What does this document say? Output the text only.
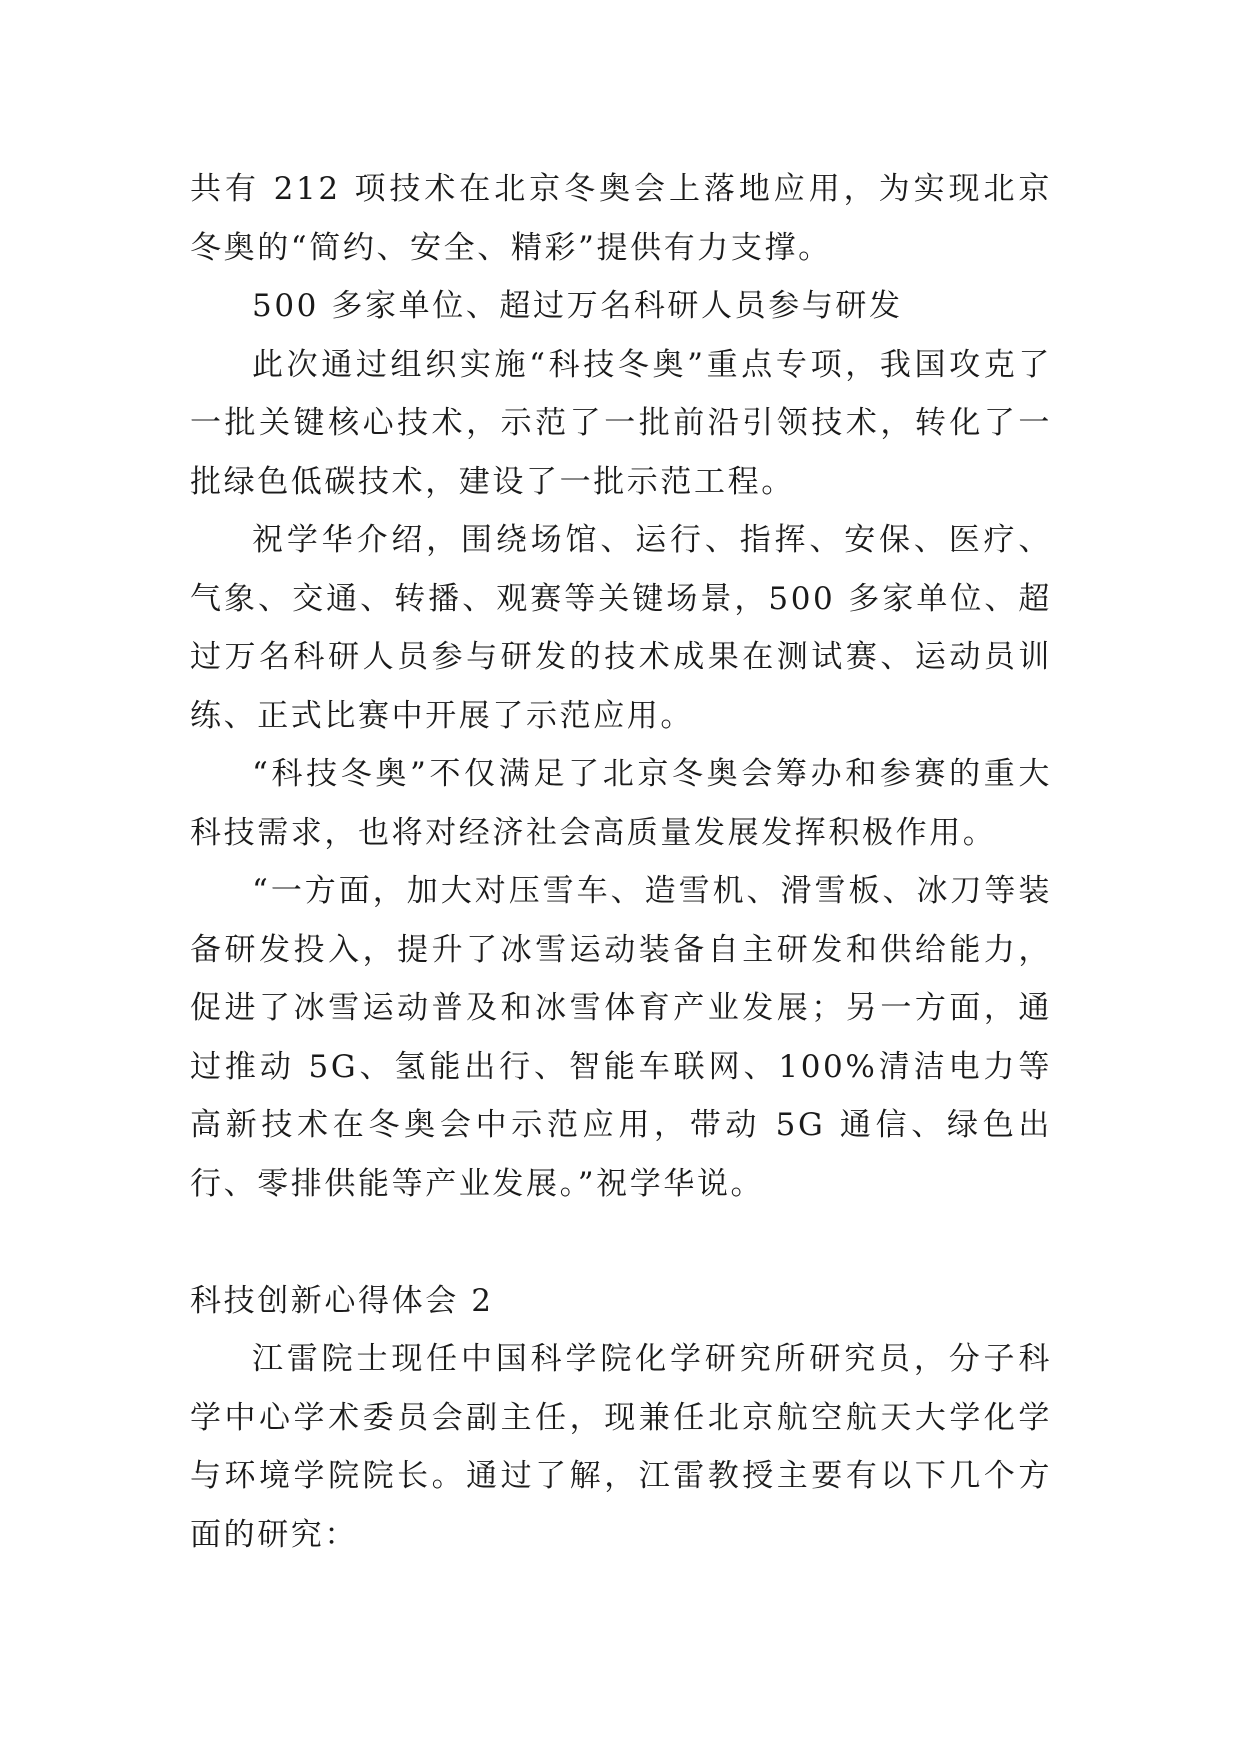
共有 212 项技术在北京冬奥会上落地应用，为实现北京冬奥的“简约、安全、精彩”提供有力支撑。

500 多家单位、超过万名科研人员参与研发

此次通过组织实施“科技冬奥”重点专项，我国攻克了一批关键核心技术，示范了一批前沿引领技术，转化了一批绿色低碳技术，建设了一批示范工程。

祝学华介绍，围绕场馆、运行、指挥、安保、医疗、气象、交通、转播、观赛等关键场景，500 多家单位、超过万名科研人员参与研发的技术成果在测试赛、运动员训练、正式比赛中开展了示范应用。

“科技冬奥”不仅满足了北京冬奥会筹办和参赛的重大科技需求，也将对经济社会高质量发展发挥积极作用。

“一方面，加大对压雪车、造雪机、滑雪板、冰刀等装备研发投入，提升了冰雪运动装备自主研发和供给能力，促进了冰雪运动普及和冰雪体育产业发展；另一方面，通过推动 5G、氢能出行、智能车联网、100%清洁电力等高新技术在冬奥会中示范应用，带动 5G 通信、绿色出行、零排供能等产业发展。”祝学华说。

科技创新心得体会 2

江雷院士现任中国科学院化学研究所研究员，分子科学中心学术委员会副主任，现兼任北京航空航天大学化学与环境学院院长。通过了解，江雷教授主要有以下几个方面的研究：
